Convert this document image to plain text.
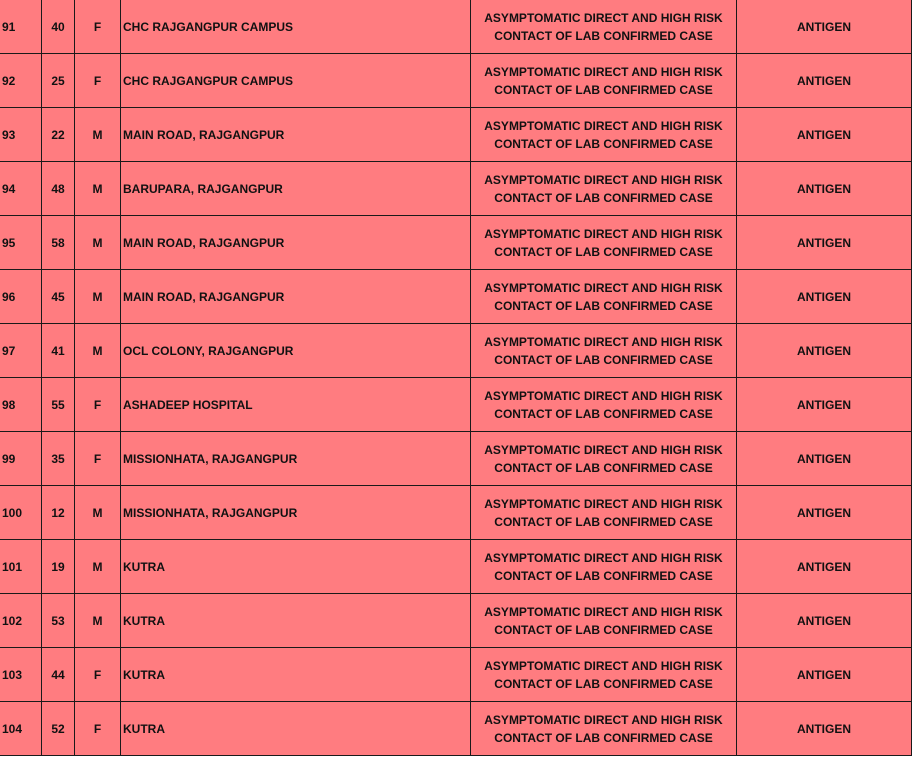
91	40	F	CHC RAJGANGPUR CAMPUS	ASYMPTOMATIC DIRECT AND HIGH RISK
CONTACT OF LAB CONFIRMED CASE	ANTIGEN
92	25	F	CHC RAJGANGPUR CAMPUS	ASYMPTOMATIC DIRECT AND HIGH RISK
CONTACT OF LAB CONFIRMED CASE	ANTIGEN
93	22	M	MAIN ROAD, RAJGANGPUR	ASYMPTOMATIC DIRECT AND HIGH RISK
CONTACT OF LAB CONFIRMED CASE	ANTIGEN
94	48	M	BARUPARA, RAJGANGPUR	ASYMPTOMATIC DIRECT AND HIGH RISK
CONTACT OF LAB CONFIRMED CASE	ANTIGEN
95	58	M	MAIN ROAD, RAJGANGPUR	ASYMPTOMATIC DIRECT AND HIGH RISK
CONTACT OF LAB CONFIRMED CASE	ANTIGEN
96	45	M	MAIN ROAD, RAJGANGPUR	ASYMPTOMATIC DIRECT AND HIGH RISK
CONTACT OF LAB CONFIRMED CASE	ANTIGEN
97	41	M	OCL COLONY, RAJGANGPUR	ASYMPTOMATIC DIRECT AND HIGH RISK
CONTACT OF LAB CONFIRMED CASE	ANTIGEN
98	55	F	ASHADEEP HOSPITAL	ASYMPTOMATIC DIRECT AND HIGH RISK
CONTACT OF LAB CONFIRMED CASE	ANTIGEN
99	35	F	MISSIONHATA, RAJGANGPUR	ASYMPTOMATIC DIRECT AND HIGH RISK
CONTACT OF LAB CONFIRMED CASE	ANTIGEN
100	12	M	MISSIONHATA, RAJGANGPUR	ASYMPTOMATIC DIRECT AND HIGH RISK
CONTACT OF LAB CONFIRMED CASE	ANTIGEN
101	19	M	KUTRA	ASYMPTOMATIC DIRECT AND HIGH RISK
CONTACT OF LAB CONFIRMED CASE	ANTIGEN
102	53	M	KUTRA	ASYMPTOMATIC DIRECT AND HIGH RISK
CONTACT OF LAB CONFIRMED CASE	ANTIGEN
103	44	F	KUTRA	ASYMPTOMATIC DIRECT AND HIGH RISK
CONTACT OF LAB CONFIRMED CASE	ANTIGEN
104	52	F	KUTRA	ASYMPTOMATIC DIRECT AND HIGH RISK
CONTACT OF LAB CONFIRMED CASE	ANTIGEN
